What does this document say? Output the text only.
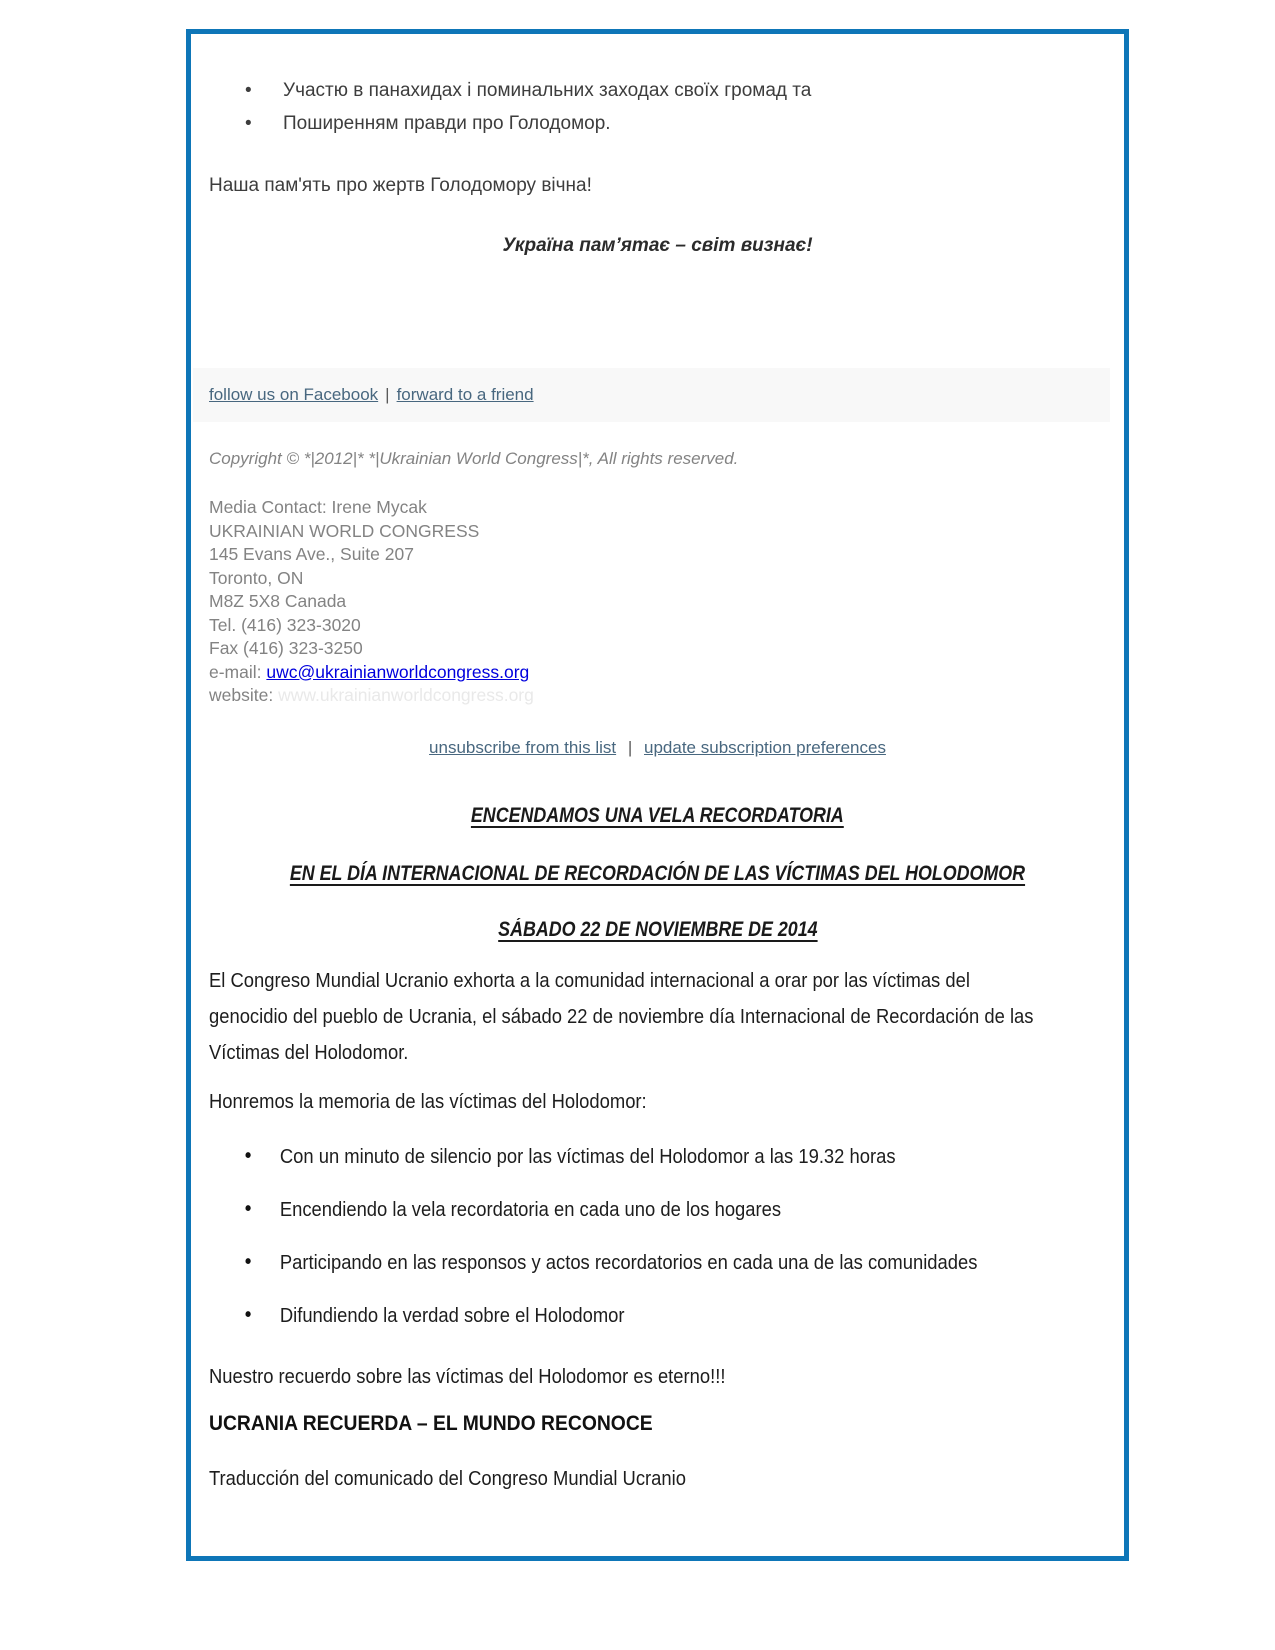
• Участю в панахидах і поминальних заходах своїх громад та
• Поширенням правди про Голодомор.

Наша пам'ять про жертв Голодомору вічна!

Україна пам’ятає – світ визнає!

follow us on Facebook | forward to a friend

Copyright © *|2012|* *|Ukrainian World Congress|*, All rights reserved.

Media Contact: Irene Mycak
UKRAINIAN WORLD CONGRESS
145 Evans Ave., Suite 207
Toronto, ON
M8Z 5X8 Canada
Tel. (416) 323-3020
Fax (416) 323-3250
e-mail: uwc@ukrainianworldcongress.org
website: www.ukrainianworldcongress.org

unsubscribe from this list | update subscription preferences

ENCENDAMOS UNA VELA RECORDATORIA

EN EL DÍA INTERNACIONAL DE RECORDACIÓN DE LAS VÍCTIMAS DEL HOLODOMOR

SÁBADO 22 DE NOVIEMBRE DE 2014

El Congreso Mundial Ucranio exhorta a la comunidad internacional a orar por las víctimas del genocidio del pueblo de Ucrania, el sábado 22 de noviembre día Internacional de Recordación de las Víctimas del Holodomor.

Honremos la memoria de las víctimas del Holodomor:

• Con un minuto de silencio por las víctimas del Holodomor a las 19.32 horas
• Encendiendo la vela recordatoria en cada uno de los hogares
• Participando en las responsos y actos recordatorios en cada una de las comunidades
• Difundiendo la verdad sobre el Holodomor

Nuestro recuerdo sobre las víctimas del Holodomor es eterno!!!

UCRANIA RECUERDA – EL MUNDO RECONOCE

Traducción del comunicado del Congreso Mundial Ucranio
